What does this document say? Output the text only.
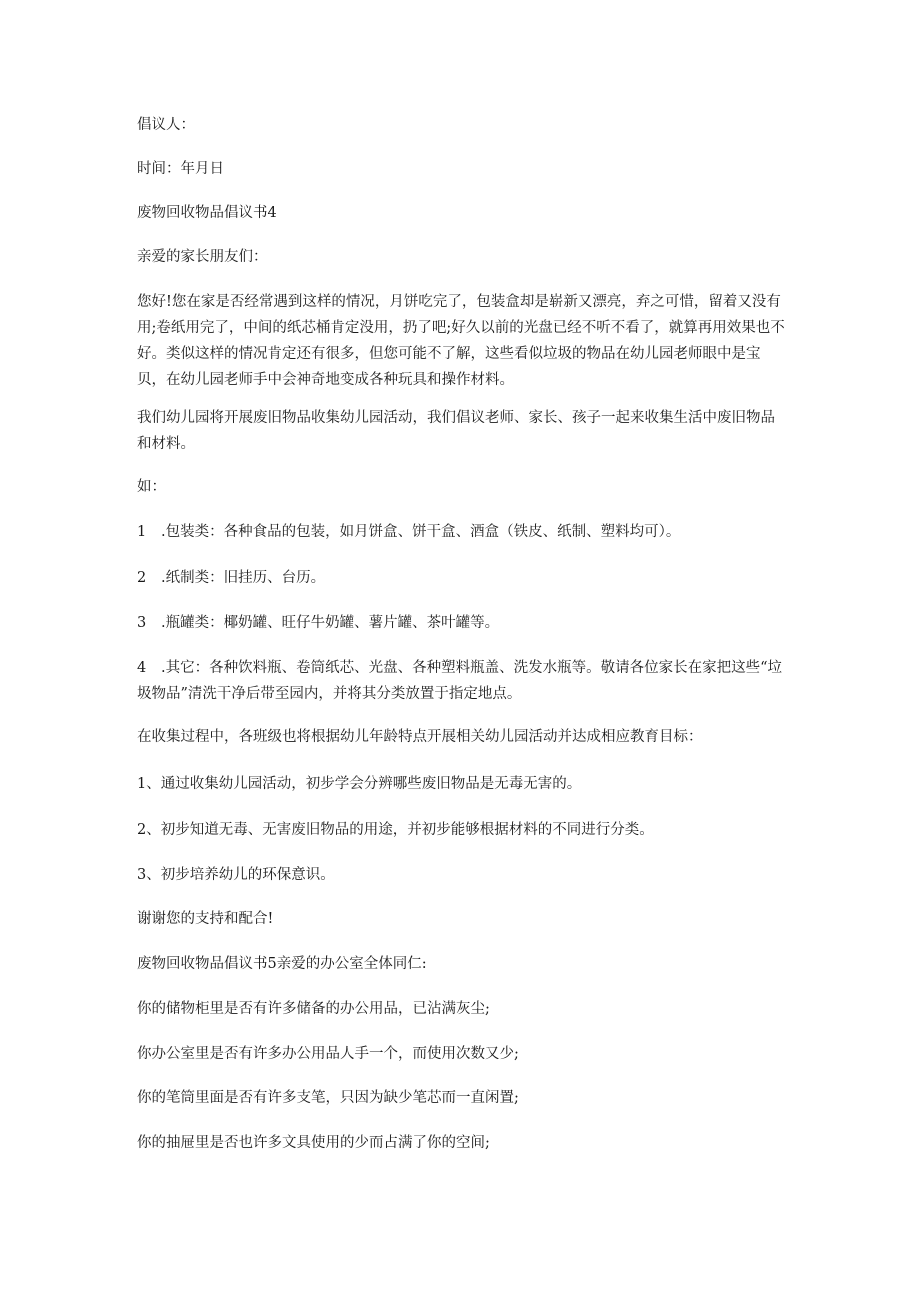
倡议人：

时间：年月日

废物回收物品倡议书4

亲爱的家长朋友们：

您好!您在家是否经常遇到这样的情况，月饼吃完了，包装盒却是崭新又漂亮，弃之可惜，留着又没有用;卷纸用完了，中间的纸芯桶肯定没用，扔了吧;好久以前的光盘已经不听不看了，就算再用效果也不好。类似这样的情况肯定还有很多，但您可能不了解，这些看似垃圾的物品在幼儿园老师眼中是宝贝，在幼儿园老师手中会神奇地变成各种玩具和操作材料。

我们幼儿园将开展废旧物品收集幼儿园活动，我们倡议老师、家长、孩子一起来收集生活中废旧物品和材料。

如：

1 .包装类：各种食品的包装，如月饼盒、饼干盒、酒盒（铁皮、纸制、塑料均可）。

2 .纸制类：旧挂历、台历。

3 .瓶罐类：椰奶罐、旺仔牛奶罐、薯片罐、茶叶罐等。

4 .其它：各种饮料瓶、卷筒纸芯、光盘、各种塑料瓶盖、洗发水瓶等。敬请各位家长在家把这些“垃圾物品”清洗干净后带至园内，并将其分类放置于指定地点。

在收集过程中，各班级也将根据幼儿年龄特点开展相关幼儿园活动并达成相应教育目标：

1、通过收集幼儿园活动，初步学会分辨哪些废旧物品是无毒无害的。

2、初步知道无毒、无害废旧物品的用途，并初步能够根据材料的不同进行分类。

3、初步培养幼儿的环保意识。

谢谢您的支持和配合!

废物回收物品倡议书5亲爱的办公室全体同仁:

你的储物柜里是否有许多储备的办公用品，已沾满灰尘;

你办公室里是否有许多办公用品人手一个，而使用次数又少;

你的笔筒里面是否有许多支笔，只因为缺少笔芯而一直闲置;

你的抽屉里是否也许多文具使用的少而占满了你的空间;
